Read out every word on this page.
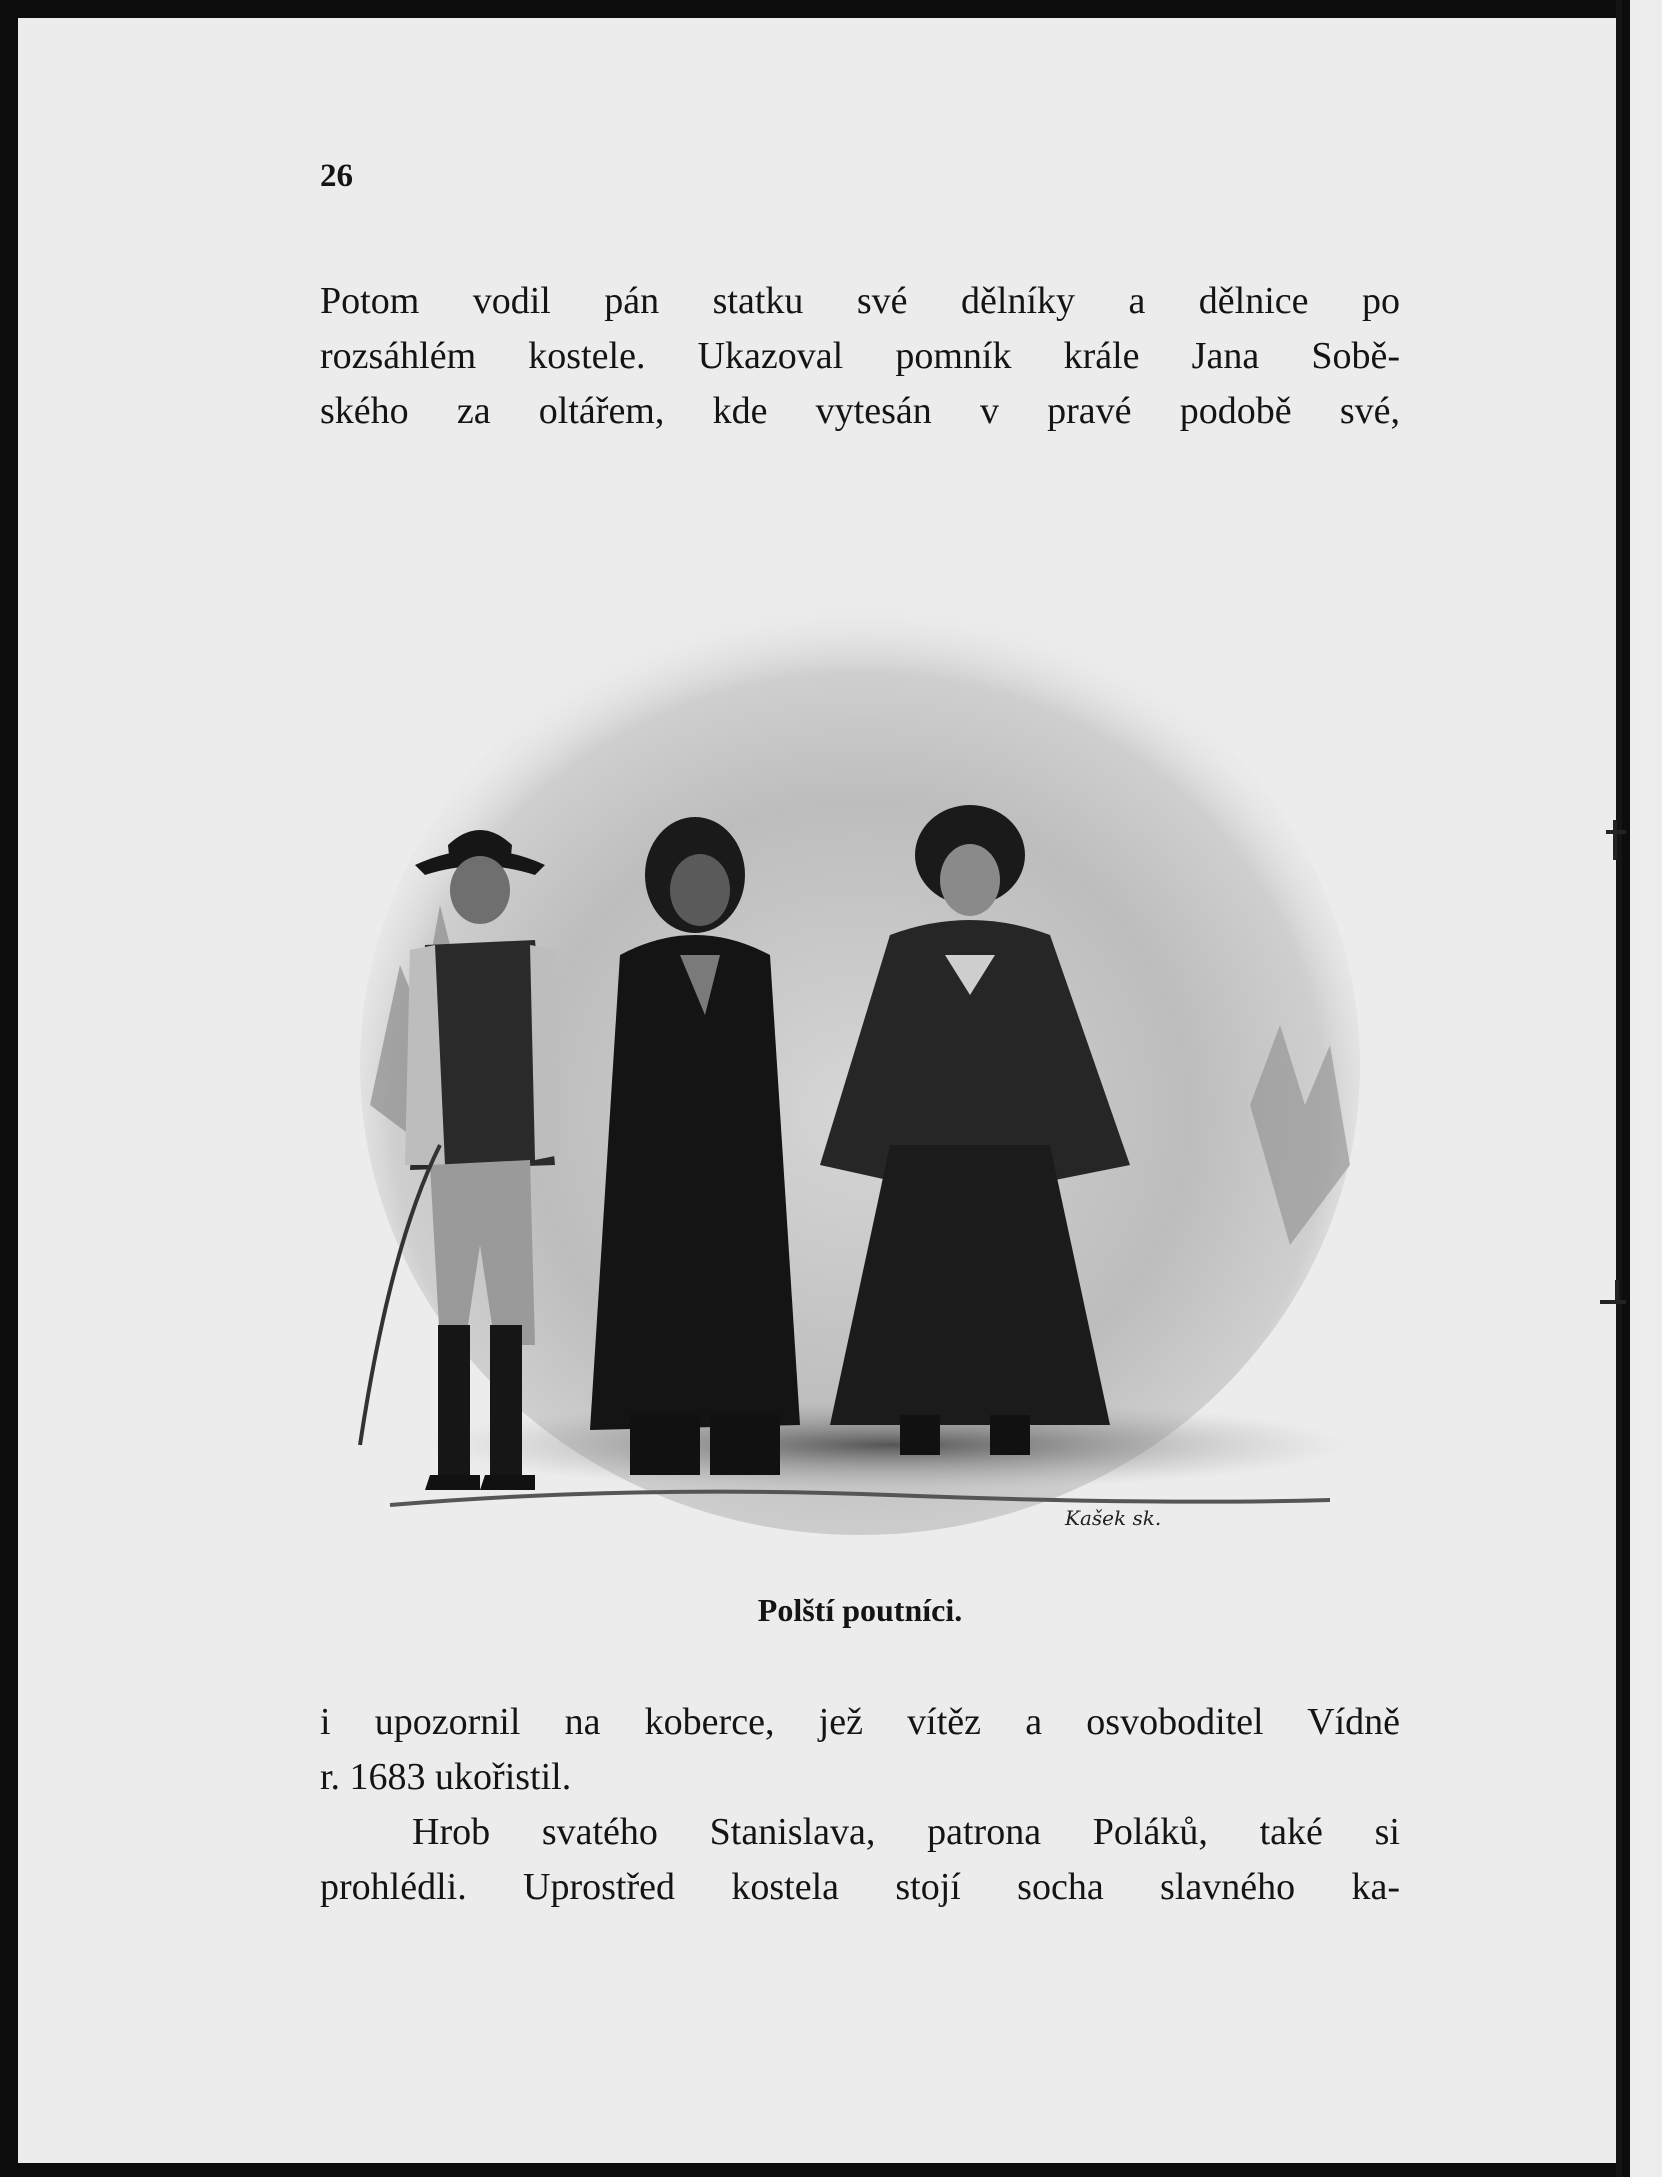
26

Potom vodil pán statku své dělníky a dělnice po

rozsáhlém kostele. Ukazoval pomník krále Jana Sobě-

ského za oltářem, kde vytesán v pravé podobě své,

Kašek sk.

Polští poutníci.

i upozornil na koberce, jež vítěz a osvoboditel Vídně

r. 1683 ukořistil.

Hrob svatého Stanislava, patrona Poláků, také si

prohlédli. Uprostřed kostela stojí socha slavného ka-
